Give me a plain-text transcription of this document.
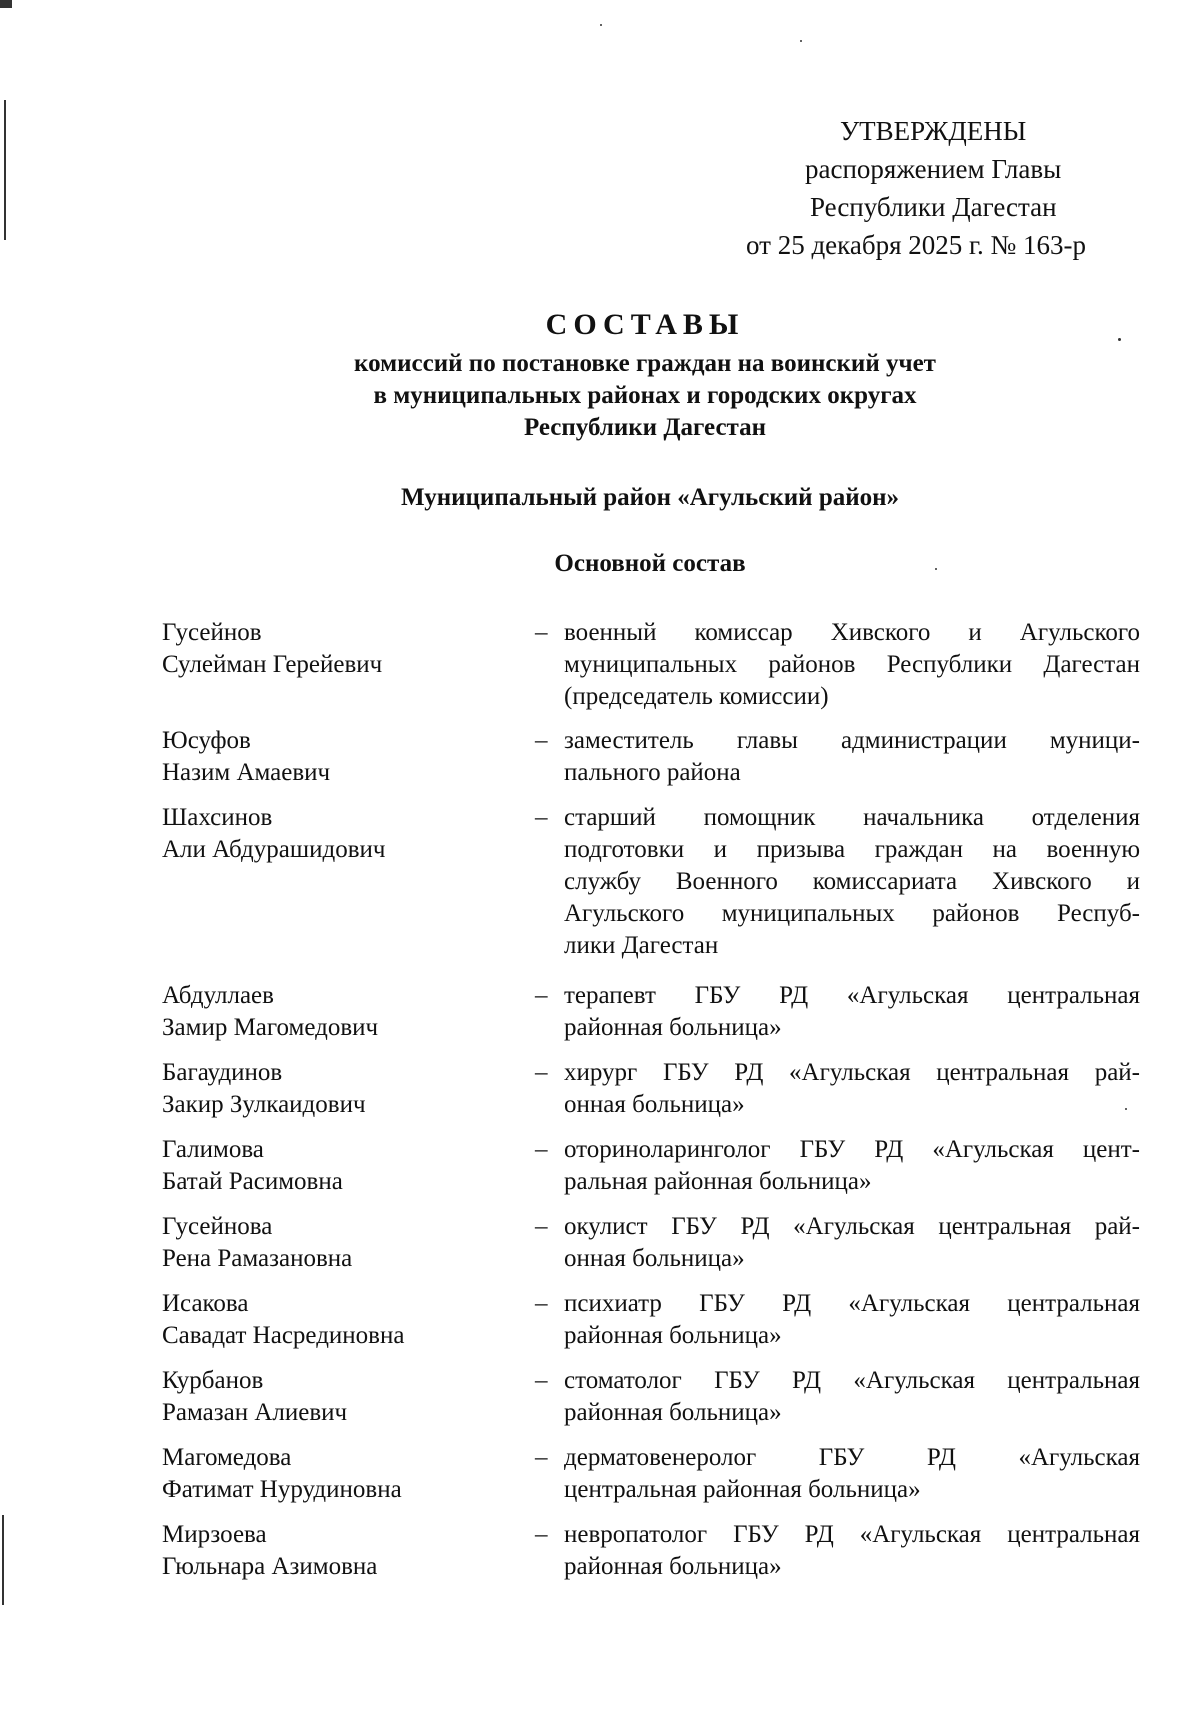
УТВЕРЖДЕНЫ
распоряжением Главы
Республики Дагестан
от 25 декабря 2025 г. № 163-р
СОСТАВЫ
комиссий по постановке граждан на воинский учет
в муниципальных районах и городских округах
Республики Дагестан
Муниципальный район «Агульский район»
Основной состав
Гусейнов
Сулейман Герейевич
– военный комиссар Хивского и Агульского
муниципальных районов Республики Дагестан
(председатель комиссии)
Юсуфов
Назим Амаевич
– заместитель главы администрации муници-
пального района
Шахсинов
Али Абдурашидович
– старший помощник начальника отделения
подготовки и призыва граждан на военную
службу Военного комиссариата Хивского и
Агульского муниципальных районов Респуб-
лики Дагестан
Абдуллаев
Замир Магомедович
– терапевт ГБУ РД «Агульская центральная
районная больница»
Багаудинов
Закир Зулкаидович
– хирург ГБУ РД «Агульская центральная рай-
онная больница»
Галимова
Батай Расимовна
– оториноларинголог ГБУ РД «Агульская цент-
ральная районная больница»
Гусейнова
Рена Рамазановна
– окулист ГБУ РД «Агульская центральная рай-
онная больница»
Исакова
Савадат Насрединовна
– психиатр ГБУ РД «Агульская центральная
районная больница»
Курбанов
Рамазан Алиевич
– стоматолог ГБУ РД «Агульская центральная
районная больница»
Магомедова
Фатимат Нурудиновна
– дерматовенеролог ГБУ РД «Агульская
центральная районная больница»
Мирзоева
Гюльнара Азимовна
– невропатолог ГБУ РД «Агульская центральная
районная больница»
